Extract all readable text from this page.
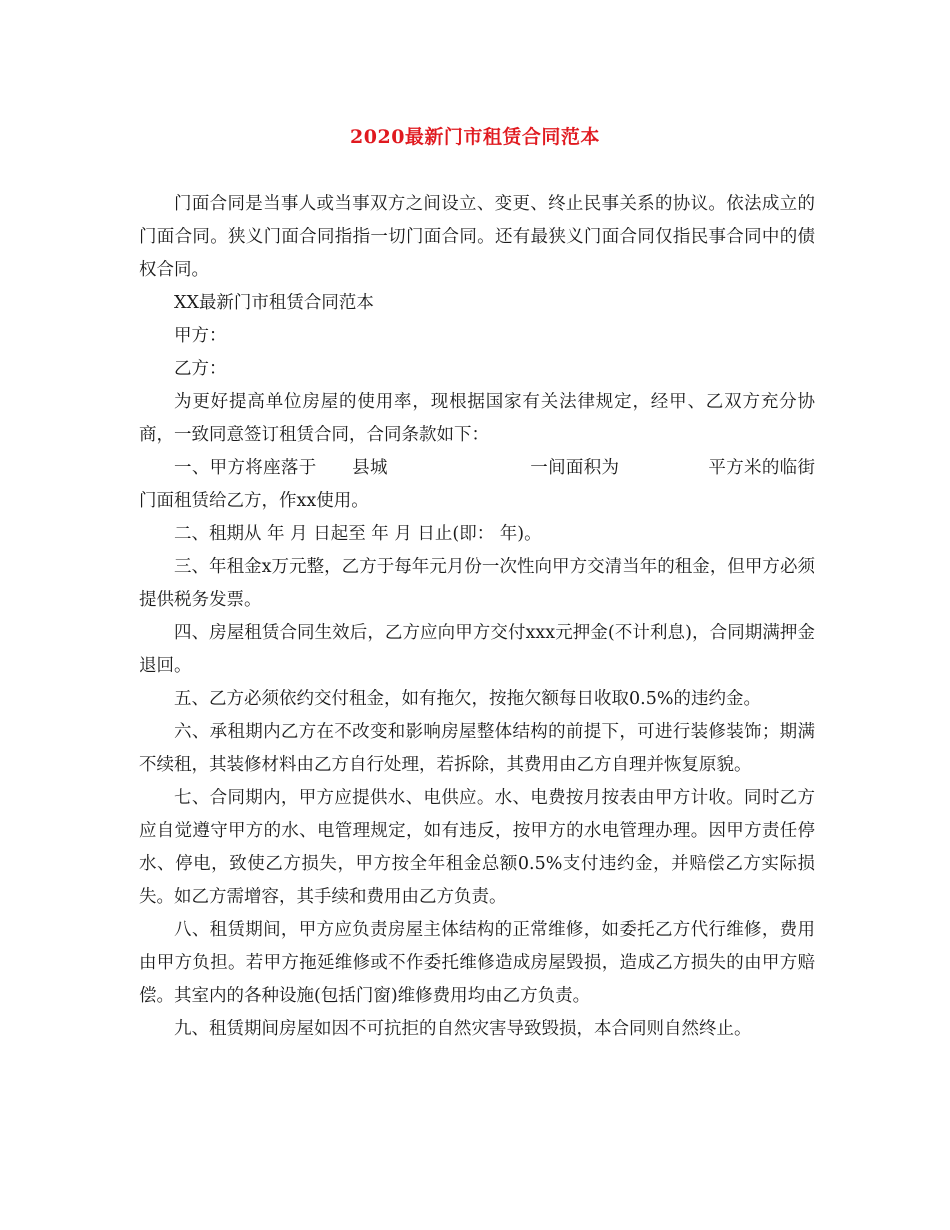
2020最新门市租赁合同范本

门面合同是当事人或当事双方之间设立、变更、终止民事关系的协议。依法成立的门面合同。狭义门面合同指指一切门面合同。还有最狭义门面合同仅指民事合同中的债权合同。

XX最新门市租赁合同范本

甲方：

乙方：

为更好提高单位房屋的使用率，现根据国家有关法律规定，经甲、乙双方充分协商，一致同意签订租赁合同，合同条款如下：

一、甲方将座落于　　县城　　　　　　　　一间面积为　　　　　平方米的临街门面租赁给乙方，作xx使用。

二、租期从 年 月 日起至 年 月 日止(即： 年)。

三、年租金x万元整，乙方于每年元月份一次性向甲方交清当年的租金，但甲方必须提供税务发票。

四、房屋租赁合同生效后，乙方应向甲方交付xxx元押金(不计利息)，合同期满押金退回。

五、乙方必须依约交付租金，如有拖欠，按拖欠额每日收取0.5%的违约金。

六、承租期内乙方在不改变和影响房屋整体结构的前提下，可进行装修装饰；期满不续租，其装修材料由乙方自行处理，若拆除，其费用由乙方自理并恢复原貌。

七、合同期内，甲方应提供水、电供应。水、电费按月按表由甲方计收。同时乙方应自觉遵守甲方的水、电管理规定，如有违反，按甲方的水电管理办理。因甲方责任停水、停电，致使乙方损失，甲方按全年租金总额0.5%支付违约金，并赔偿乙方实际损失。如乙方需增容，其手续和费用由乙方负责。

八、租赁期间，甲方应负责房屋主体结构的正常维修，如委托乙方代行维修，费用由甲方负担。若甲方拖延维修或不作委托维修造成房屋毁损，造成乙方损失的由甲方赔偿。其室内的各种设施(包括门窗)维修费用均由乙方负责。

九、租赁期间房屋如因不可抗拒的自然灾害导致毁损，本合同则自然终止。
